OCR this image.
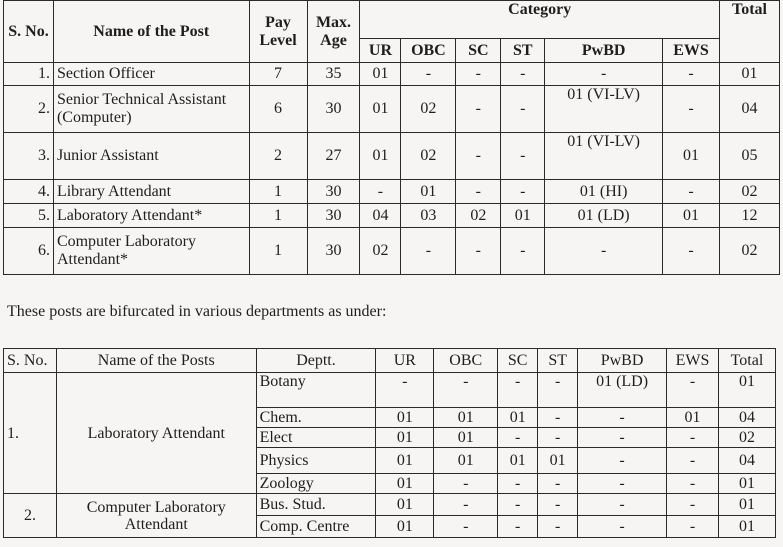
S. No.	Name of the Post	Pay Level	Max. Age	Category						Total
				UR	OBC	SC	ST	PwBD	EWS	
1.	Section Officer	7	35	01	-	-	-	-	-	01
2.	Senior Technical Assistant (Computer)	6	30	01	02	-	-	01 (VI-LV)	-	04
3.	Junior Assistant	2	27	01	02	-	-	01 (VI-LV)	01	05
4.	Library Attendant	1	30	-	01	-	-	01 (HI)	-	02
5.	Laboratory Attendant*	1	30	04	03	02	01	01 (LD)	01	12
6.	Computer Laboratory Attendant*	1	30	02	-	-	-	-	-	02

These posts are bifurcated in various departments as under:

S. No.	Name of the Posts	Deptt.	UR	OBC	SC	ST	PwBD	EWS	Total
1.	Laboratory Attendant	Botany	-	-	-	-	01 (LD)	-	01
		Chem.	01	01	01	-	-	01	04
		Elect	01	01	-	-	-	-	02
		Physics	01	01	01	01	-	-	04
		Zoology	01	-	-	-	-	-	01
2.	Computer Laboratory Attendant	Bus. Stud.	01	-	-	-	-	-	01
		Comp. Centre	01	-	-	-	-	-	01
